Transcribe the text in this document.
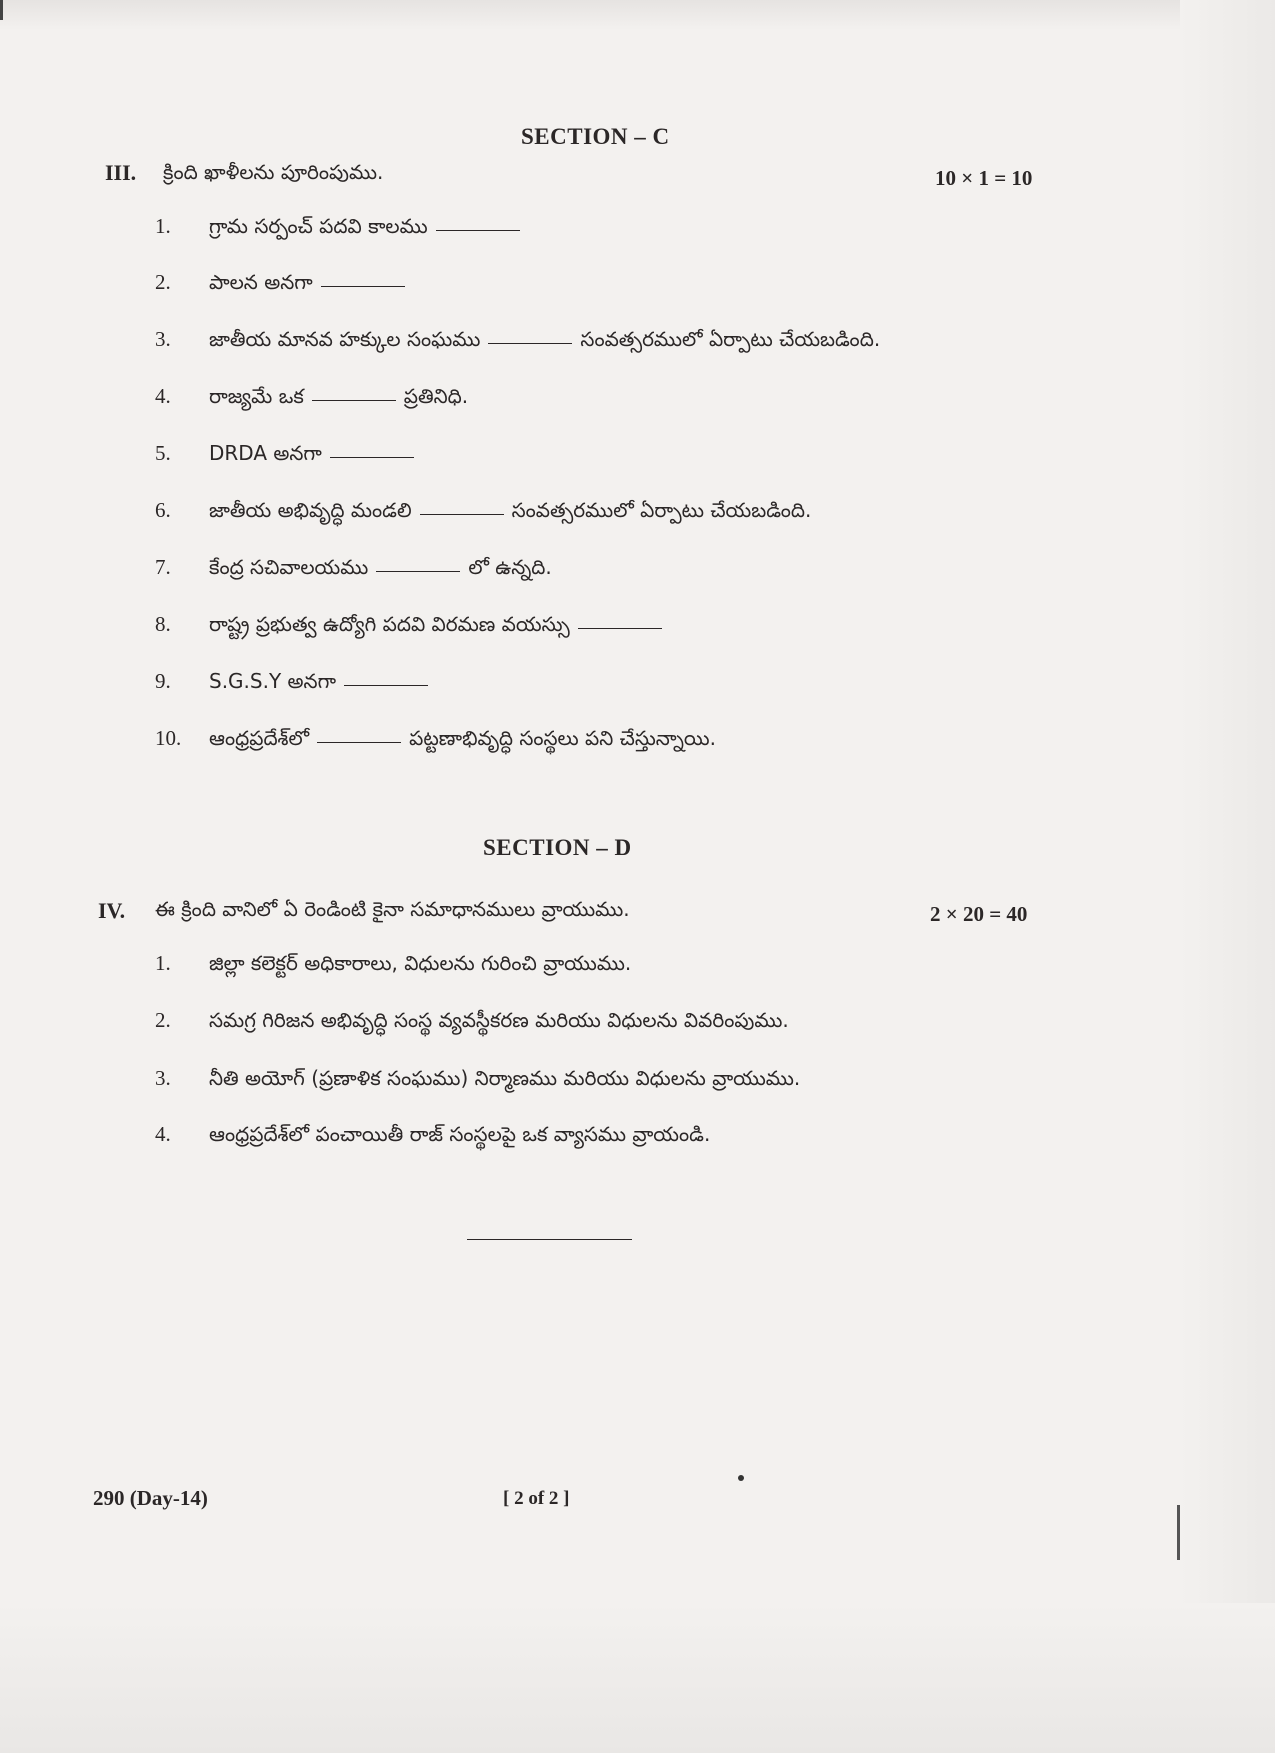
SECTION – C
III. క్రింది ఖాళీలను పూరింపుము.	10 × 1 = 10
1.	గ్రామ సర్పంచ్ పదవి కాలము
2.	పాలన అనగా
3.	జాతీయ మానవ హక్కుల సంఘము	సంవత్సరములో ఏర్పాటు చేయబడింది.
4.	రాజ్యమే ఒక	ప్రతినిధి.
5.	DRDA అనగా
6.	జాతీయ అభివృద్ధి మండలి	సంవత్సరములో ఏర్పాటు చేయబడింది.
7.	కేంద్ర సచివాలయము	లో ఉన్నది.
8.	రాష్ట్ర ప్రభుత్వ ఉద్యోగి పదవి విరమణ వయస్సు
9.	S.G.S.Y అనగా
10.	ఆంధ్రప్రదేశ్‌లో	పట్టణాభివృద్ధి సంస్థలు పని చేస్తున్నాయి.
SECTION – D
IV. ఈ క్రింది వానిలో ఏ రెండింటి కైనా సమాధానములు వ్రాయుము.	2 × 20 = 40
1.	జిల్లా కలెక్టర్ అధికారాలు, విధులను గురించి వ్రాయుము.
2.	సమగ్ర గిరిజన అభివృద్ధి సంస్థ వ్యవస్థీకరణ మరియు విధులను వివరింపుము.
3.	నీతి అయోగ్ (ప్రణాళిక సంఘము) నిర్మాణము మరియు విధులను వ్రాయుము.
4.	ఆంధ్రప్రదేశ్‌లో పంచాయితీ రాజ్ సంస్థలపై ఒక వ్యాసము వ్రాయండి.
290 (Day-14)	[ 2 of 2 ]
